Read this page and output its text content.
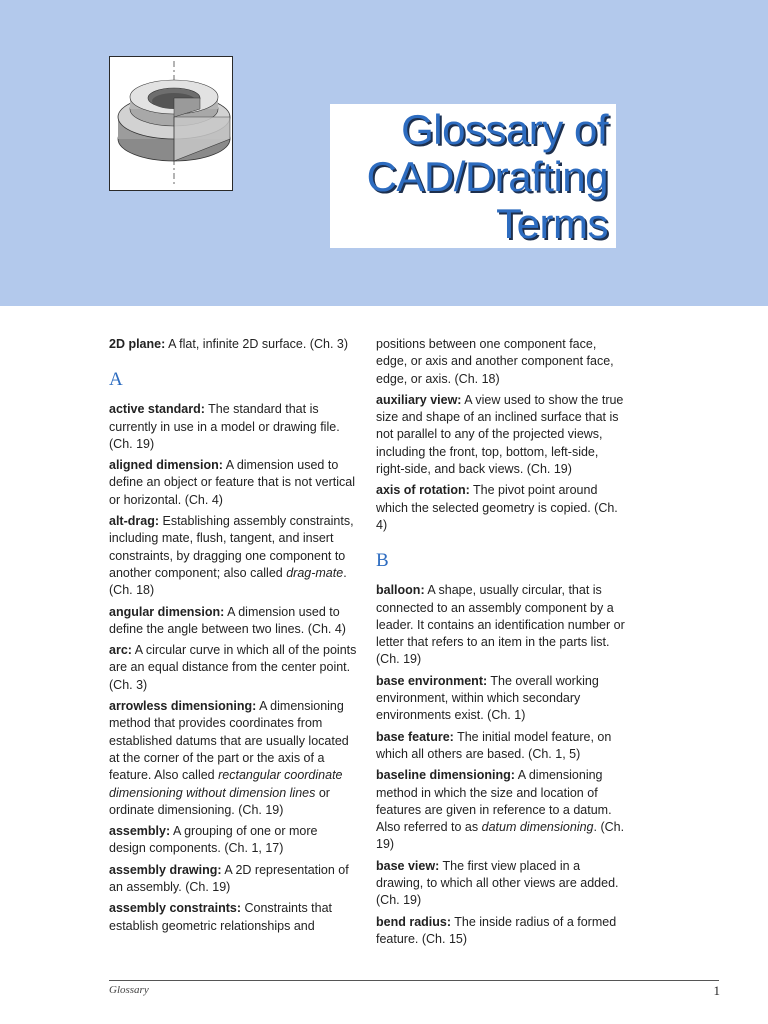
Glossary of
CAD/Drafting
Terms

2D plane: A flat, infinite 2D surface. (Ch. 3)

A

active standard: The standard that is currently in use in a model or drawing file. (Ch. 19)

aligned dimension: A dimension used to define an object or feature that is not vertical or horizontal. (Ch. 4)

alt-drag: Establishing assembly constraints, including mate, flush, tangent, and insert constraints, by dragging one component to another component; also called drag-mate. (Ch. 18)

angular dimension: A dimension used to define the angle between two lines. (Ch. 4)

arc: A circular curve in which all of the points are an equal distance from the center point. (Ch. 3)

arrowless dimensioning: A dimensioning method that provides coordinates from established datums that are usually located at the corner of the part or the axis of a feature. Also called rectangular coordinate dimensioning without dimension lines or ordinate dimensioning. (Ch. 19)

assembly: A grouping of one or more design components. (Ch. 1, 17)

assembly drawing: A 2D representation of an assembly. (Ch. 19)

assembly constraints: Constraints that establish geometric relationships and

positions between one component face, edge, or axis and another component face, edge, or axis. (Ch. 18)

auxiliary view: A view used to show the true size and shape of an inclined surface that is not parallel to any of the projected views, including the front, top, bottom, left-side, right-side, and back views. (Ch. 19)

axis of rotation: The pivot point around which the selected geometry is copied. (Ch. 4)

B

balloon: A shape, usually circular, that is connected to an assembly component by a leader. It contains an identification number or letter that refers to an item in the parts list. (Ch. 19)

base environment: The overall working environment, within which secondary environments exist. (Ch. 1)

base feature: The initial model feature, on which all others are based. (Ch. 1, 5)

baseline dimensioning: A dimensioning method in which the size and location of features are given in reference to a datum. Also referred to as datum dimensioning. (Ch. 19)

base view: The first view placed in a drawing, to which all other views are added. (Ch. 19)

bend radius: The inside radius of a formed feature. (Ch. 15)

Glossary	1
